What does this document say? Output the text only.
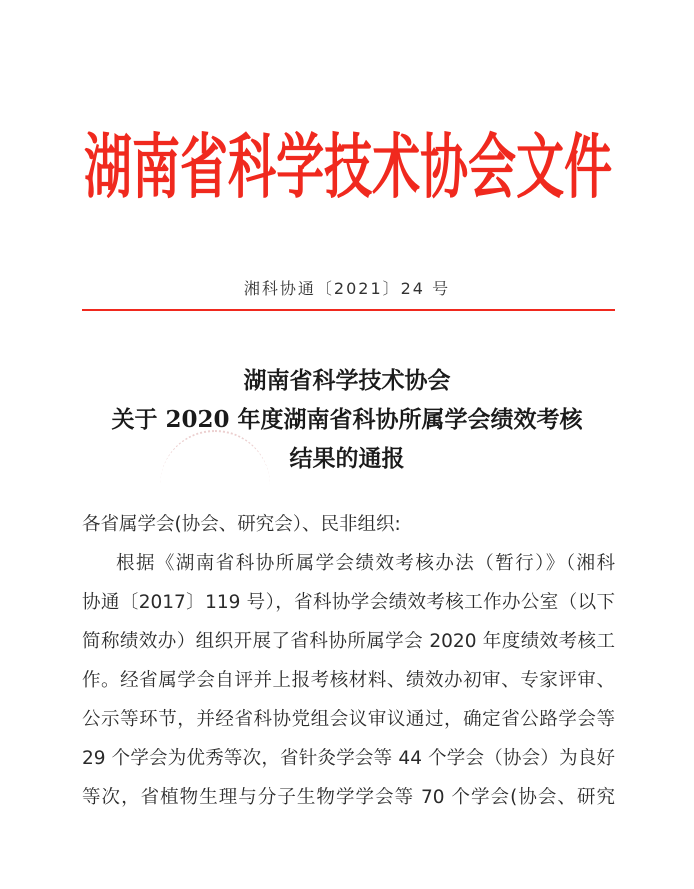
湖 南 省 科 学 技 术 协 会 文 件
湘科协通〔2021〕24 号
湖南省科学技术协会
关于 2020 年度湖南省科协所属学会绩效考核
结果的通报
各省属学会(协会、研究会）、民非组织:
根据《湖南省科协所属学会绩效考核办法（暂行）》（湘科
协通〔2017〕119 号），省科协学会绩效考核工作办公室（以下
简称绩效办）组织开展了省科协所属学会 2020 年度绩效考核工
作。经省属学会自评并上报考核材料、绩效办初审、专家评审、
公示等环节，并经省科协党组会议审议通过，确定省公路学会等
29 个学会为优秀等次，省针灸学会等 44 个学会（协会）为良好
等次，省植物生理与分子生物学学会等 70 个学会(协会、研究
